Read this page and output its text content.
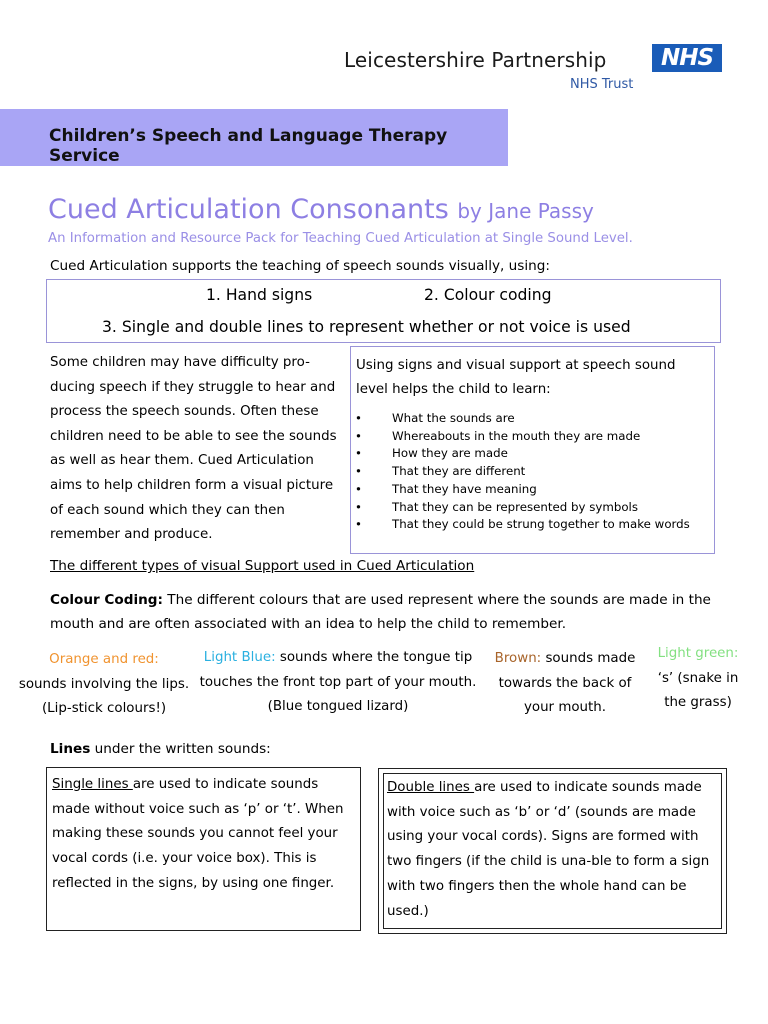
Leicestershire Partnership
NHS Trust
NHS
Children’s Speech and Language Therapy Service
Cued Articulation Consonants by Jane Passy
An Information and Resource Pack for Teaching Cued Articulation at Single Sound Level.
Cued Articulation supports the teaching of speech sounds visually, using:
1. Hand signs	2. Colour coding
3. Single and double lines to represent whether or not voice is used
Some children may have difficulty pro-ducing speech if they struggle to hear and process the speech sounds. Often these children need to be able to see the sounds as well as hear them. Cued Articulation aims to help children form a visual picture of each sound which they can then remember and produce.
Using signs and visual support at speech sound level helps the child to learn:
• What the sounds are
• Whereabouts in the mouth they are made
• How they are made
• That they are different
• That they have meaning
• That they can be represented by symbols
• That they could be strung together to make words
The different types of visual Support used in Cued Articulation
Colour Coding: The different colours that are used represent where the sounds are made in the mouth and are often associated with an idea to help the child to remember.
Orange and red:
sounds involving the lips. (Lip-stick colours!)
Light Blue: sounds where the tongue tip touches the front top part of your mouth. (Blue tongued lizard)
Brown: sounds made towards the back of your mouth.
Light green:
‘s’ (snake in the grass)
Lines under the written sounds:
Single lines are used to indicate sounds made without voice such as ‘p’ or ‘t’. When making these sounds you cannot feel your vocal cords (i.e. your voice box). This is reflected in the signs, by using one finger.
Double lines are used to indicate sounds made with voice such as ‘b’ or ‘d’ (sounds are made using your vocal cords). Signs are formed with two fingers (if the child is una-ble to form a sign with two fingers then the whole hand can be used.)
